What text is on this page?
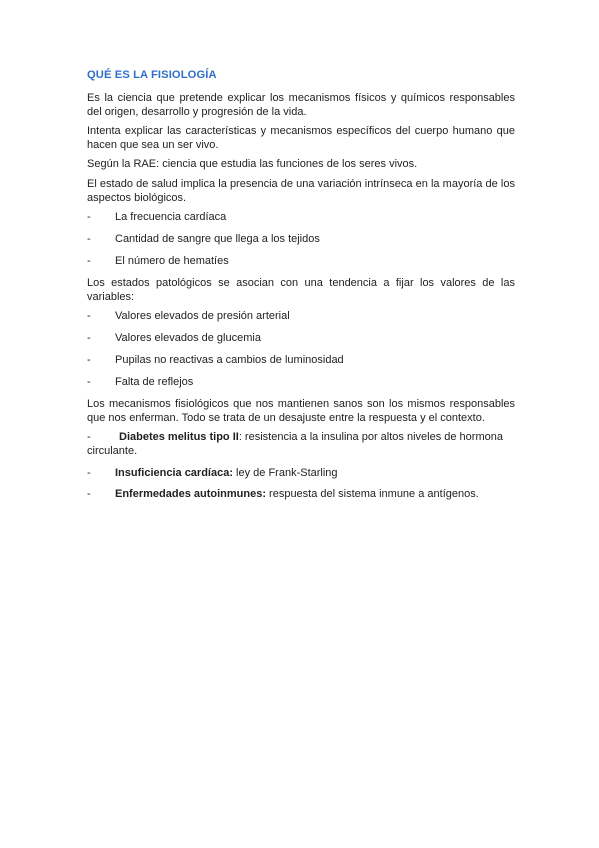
QUÉ ES LA FISIOLOGÍA

Es la ciencia que pretende explicar los mecanismos físicos y químicos responsables del origen, desarrollo y progresión de la vida.

Intenta explicar las características y mecanismos específicos del cuerpo humano que hacen que sea un ser vivo.

Según la RAE: ciencia que estudia las funciones de los seres vivos.

El estado de salud implica la presencia de una variación intrínseca en la mayoría de los aspectos biológicos.

-	La frecuencia cardíaca
-	Cantidad de sangre que llega a los tejidos
-	El número de hematíes

Los estados patológicos se asocian con una tendencia a fijar los valores de las variables:

-	Valores elevados de presión arterial
-	Valores elevados de glucemia
-	Pupilas no reactivas a cambios de luminosidad
-	Falta de reflejos

Los mecanismos fisiológicos que nos mantienen sanos son los mismos responsables que nos enferman. Todo se trata de un desajuste entre la respuesta y el contexto.

-	Diabetes melitus tipo II: resistencia a la insulina por altos niveles de hormona circulante.
-	Insuficiencia cardíaca: ley de Frank-Starling
-	Enfermedades autoinmunes: respuesta del sistema inmune a antígenos.
